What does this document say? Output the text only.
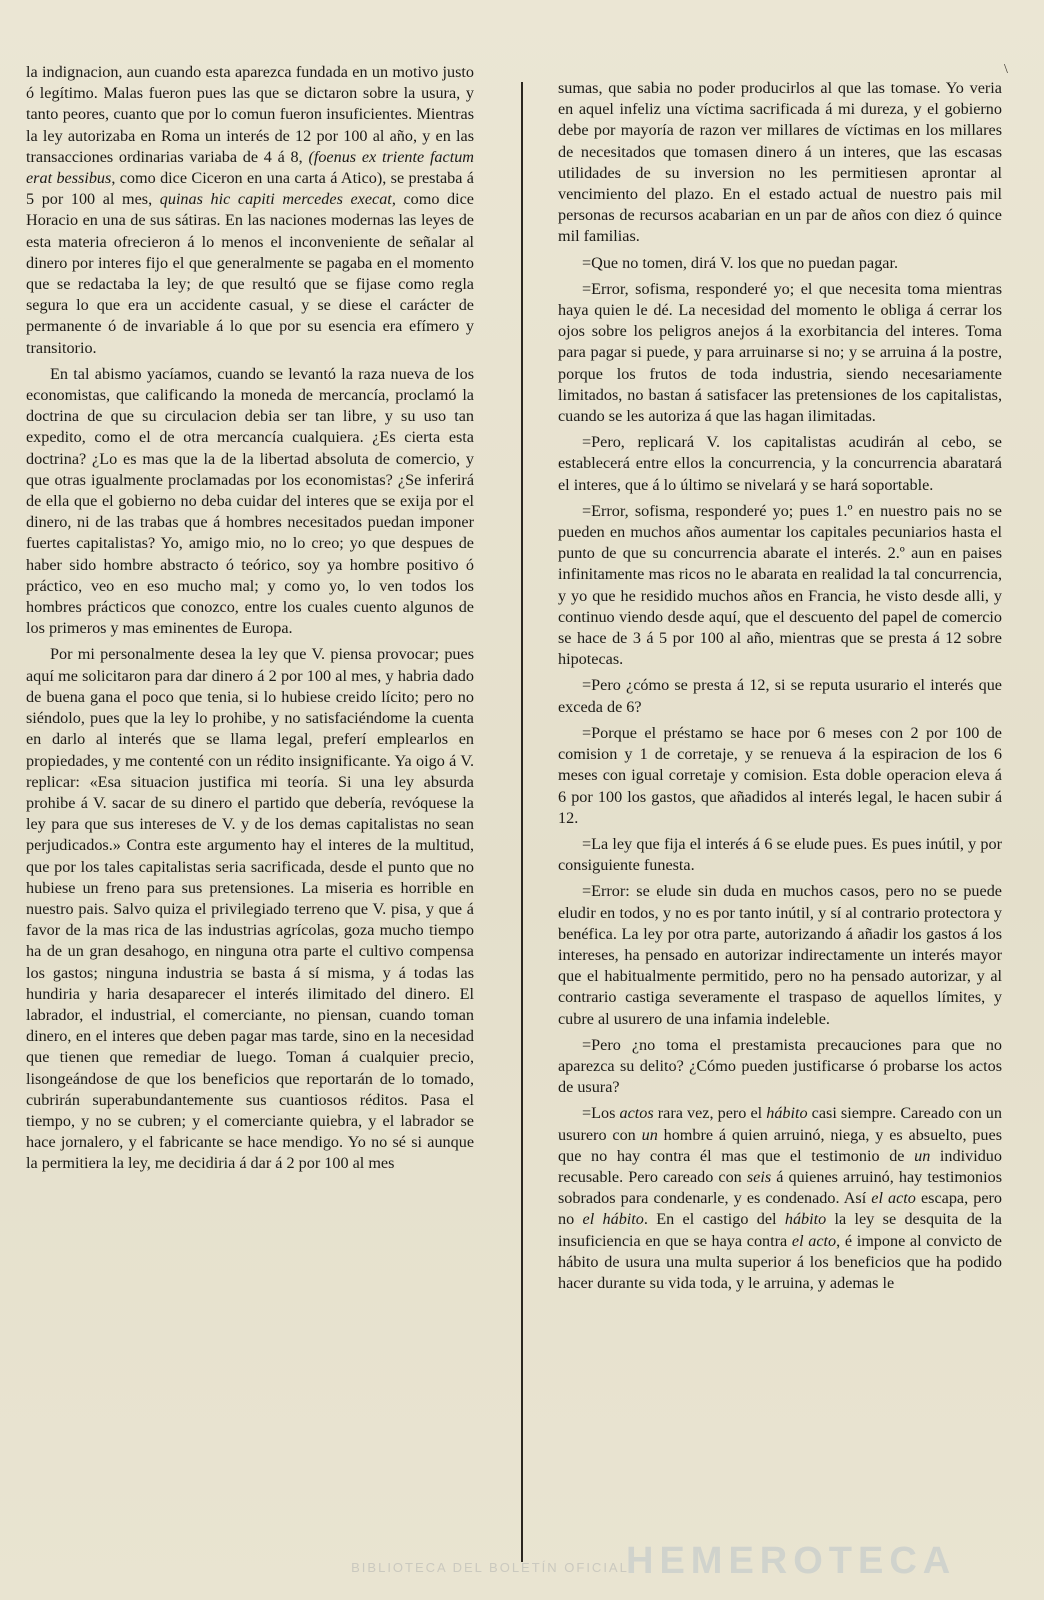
\

la indignacion, aun cuando esta aparezca fundada en un motivo justo ó legítimo. Malas fueron pues las que se dictaron sobre la usura, y tanto peores, cuanto que por lo comun fueron insuficientes. Mientras la ley autorizaba en Roma un interés de 12 por 100 al año, y en las transacciones ordinarias variaba de 4 á 8, (foenus ex triente factum erat bessibus, como dice Ciceron en una carta á Atico), se prestaba á 5 por 100 al mes, quinas hic capiti mercedes execat, como dice Horacio en una de sus sátiras. En las naciones modernas las leyes de esta materia ofrecieron á lo menos el inconveniente de señalar al dinero por interes fijo el que generalmente se pagaba en el momento que se redactaba la ley; de que resultó que se fijase como regla segura lo que era un accidente casual, y se diese el carácter de permanente ó de invariable á lo que por su esencia era efímero y transitorio.

En tal abismo yacíamos, cuando se levantó la raza nueva de los economistas, que calificando la moneda de mercancía, proclamó la doctrina de que su circulacion debia ser tan libre, y su uso tan expedito, como el de otra mercancía cualquiera. ¿Es cierta esta doctrina? ¿Lo es mas que la de la libertad absoluta de comercio, y que otras igualmente proclamadas por los economistas? ¿Se inferirá de ella que el gobierno no deba cuidar del interes que se exija por el dinero, ni de las trabas que á hombres necesitados puedan imponer fuertes capitalistas? Yo, amigo mio, no lo creo; yo que despues de haber sido hombre abstracto ó teórico, soy ya hombre positivo ó práctico, veo en eso mucho mal; y como yo, lo ven todos los hombres prácticos que conozco, entre los cuales cuento algunos de los primeros y mas eminentes de Europa.

Por mi personalmente desea la ley que V. piensa provocar; pues aquí me solicitaron para dar dinero á 2 por 100 al mes, y habria dado de buena gana el poco que tenia, si lo hubiese creido lícito; pero no siéndolo, pues que la ley lo prohibe, y no satisfaciéndome la cuenta en darlo al interés que se llama legal, preferí emplearlos en propiedades, y me contenté con un rédito insignificante. Ya oigo á V. replicar: «Esa situacion justifica mi teoría. Si una ley absurda prohibe á V. sacar de su dinero el partido que debería, revóquese la ley para que sus intereses de V. y de los demas capitalistas no sean perjudicados.» Contra este argumento hay el interes de la multitud, que por los tales capitalistas seria sacrificada, desde el punto que no hubiese un freno para sus pretensiones. La miseria es horrible en nuestro pais. Salvo quiza el privilegiado terreno que V. pisa, y que á favor de la mas rica de las industrias agrícolas, goza mucho tiempo ha de un gran desahogo, en ninguna otra parte el cultivo compensa los gastos; ninguna industria se basta á sí misma, y á todas las hundiria y haria desaparecer el interés ilimitado del dinero. El labrador, el industrial, el comerciante, no piensan, cuando toman dinero, en el interes que deben pagar mas tarde, sino en la necesidad que tienen que remediar de luego. Toman á cualquier precio, lisongeándose de que los beneficios que reportarán de lo tomado, cubrirán superabundantemente sus cuantiosos réditos. Pasa el tiempo, y no se cubren; y el comerciante quiebra, y el labrador se hace jornalero, y el fabricante se hace mendigo. Yo no sé si aunque la permitiera la ley, me decidiria á dar á 2 por 100 al mes

sumas, que sabia no poder producirlos al que las tomase. Yo veria en aquel infeliz una víctima sacrificada á mi dureza, y el gobierno debe por mayoría de razon ver millares de víctimas en los millares de necesitados que tomasen dinero á un interes, que las escasas utilidades de su inversion no les permitiesen aprontar al vencimiento del plazo. En el estado actual de nuestro pais mil personas de recursos acabarian en un par de años con diez ó quince mil familias.

=Que no tomen, dirá V. los que no puedan pagar.

=Error, sofisma, responderé yo; el que necesita toma mientras haya quien le dé. La necesidad del momento le obliga á cerrar los ojos sobre los peligros anejos á la exorbitancia del interes. Toma para pagar si puede, y para arruinarse si no; y se arruina á la postre, porque los frutos de toda industria, siendo necesariamente limitados, no bastan á satisfacer las pretensiones de los capitalistas, cuando se les autoriza á que las hagan ilimitadas.

=Pero, replicará V. los capitalistas acudirán al cebo, se establecerá entre ellos la concurrencia, y la concurrencia abaratará el interes, que á lo último se nivelará y se hará soportable.

=Error, sofisma, responderé yo; pues 1.º en nuestro pais no se pueden en muchos años aumentar los capitales pecuniarios hasta el punto de que su concurrencia abarate el interés. 2.º aun en paises infinitamente mas ricos no le abarata en realidad la tal concurrencia, y yo que he residido muchos años en Francia, he visto desde alli, y continuo viendo desde aquí, que el descuento del papel de comercio se hace de 3 á 5 por 100 al año, mientras que se presta á 12 sobre hipotecas.

=Pero ¿cómo se presta á 12, si se reputa usurario el interés que exceda de 6?

=Porque el préstamo se hace por 6 meses con 2 por 100 de comision y 1 de corretaje, y se renueva á la espiracion de los 6 meses con igual corretaje y comision. Esta doble operacion eleva á 6 por 100 los gastos, que añadidos al interés legal, le hacen subir á 12.

=La ley que fija el interés á 6 se elude pues. Es pues inútil, y por consiguiente funesta.

=Error: se elude sin duda en muchos casos, pero no se puede eludir en todos, y no es por tanto inútil, y sí al contrario protectora y benéfica. La ley por otra parte, autorizando á añadir los gastos á los intereses, ha pensado en autorizar indirectamente un interés mayor que el habitualmente permitido, pero no ha pensado autorizar, y al contrario castiga severamente el traspaso de aquellos límites, y cubre al usurero de una infamia indeleble.

=Pero ¿no toma el prestamista precauciones para que no aparezca su delito? ¿Cómo pueden justificarse ó probarse los actos de usura?

=Los actos rara vez, pero el hábito casi siempre. Careado con un usurero con un hombre á quien arruinó, niega, y es absuelto, pues que no hay contra él mas que el testimonio de un individuo recusable. Pero careado con seis á quienes arruinó, hay testimonios sobrados para condenarle, y es condenado. Así el acto escapa, pero no el hábito. En el castigo del hábito la ley se desquita de la insuficiencia en que se haya contra el acto, é impone al convicto de hábito de usura una multa superior á los beneficios que ha podido hacer durante su vida toda, y le arruina, y ademas le

BIBLIOTECA DEL BOLETÍN OFICIAL
HEMEROTECA
